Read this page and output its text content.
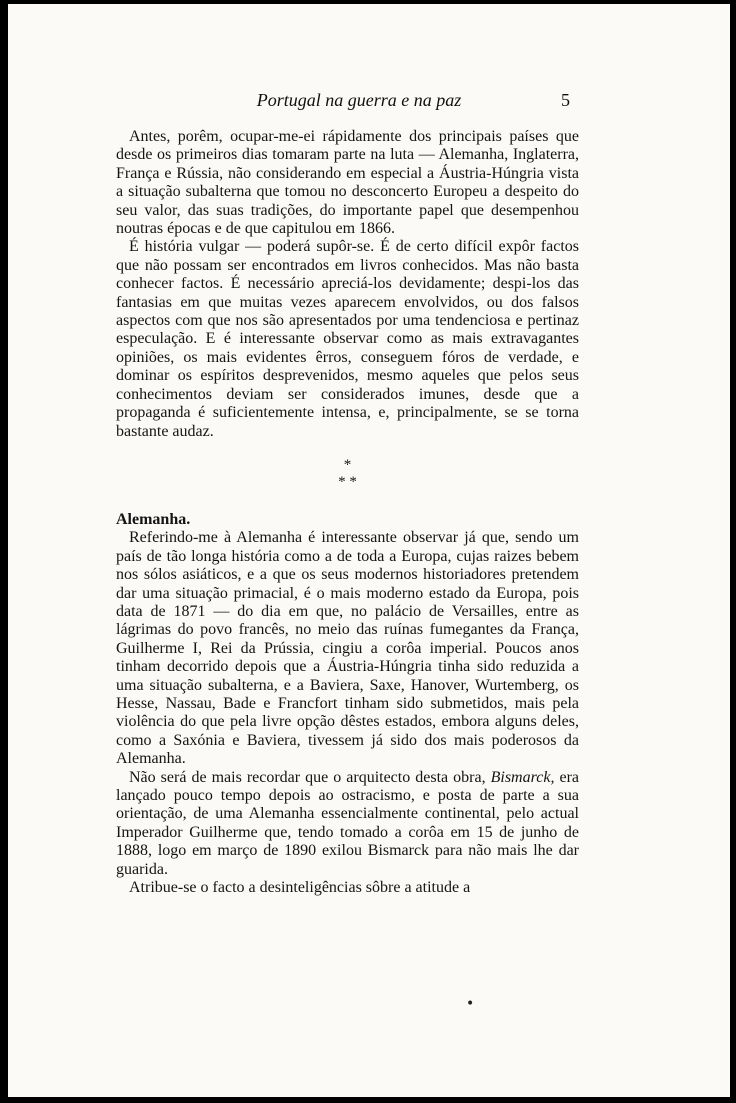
Portugal na guerra e na paz	5

Antes, porêm, ocupar-me-ei rápidamente dos principais países que desde os primeiros dias tomaram parte na luta — Alemanha, Inglaterra, França e Rússia, não considerando em especial a Áustria-Húngria vista a situação subalterna que tomou no desconcerto Europeu a despeito do seu valor, das suas tradições, do importante papel que desempenhou noutras épocas e de que capitulou em 1866.

É história vulgar — poderá supôr-se. É de certo difícil expôr factos que não possam ser encontrados em livros conhecidos. Mas não basta conhecer factos. É necessário apreciá-los devidamente; despi-los das fantasias em que muitas vezes aparecem envolvidos, ou dos falsos aspectos com que nos são apresentados por uma tendenciosa e pertinaz especulação. E é interessante observar como as mais extravagantes opiniões, os mais evidentes êrros, conseguem fóros de verdade, e dominar os espíritos desprevenidos, mesmo aqueles que pelos seus conhecimentos deviam ser considerados imunes, desde que a propaganda é suficientemente intensa, e, principalmente, se se torna bastante audaz.

*
* *

Alemanha.

Referindo-me à Alemanha é interessante observar já que, sendo um país de tão longa história como a de toda a Europa, cujas raizes bebem nos sólos asiáticos, e a que os seus modernos historiadores pretendem dar uma situação primacial, é o mais moderno estado da Europa, pois data de 1871 — do dia em que, no palácio de Versailles, entre as lágrimas do povo francês, no meio das ruínas fumegantes da França, Guilherme I, Rei da Prússia, cingiu a corôa imperial. Poucos anos tinham decorrido depois que a Áustria-Húngria tinha sido reduzida a uma situação subalterna, e a Baviera, Saxe, Hanover, Wurtemberg, os Hesse, Nassau, Bade e Francfort tinham sido submetidos, mais pela violência do que pela livre opção dêstes estados, embora alguns deles, como a Saxónia e Baviera, tivessem já sido dos mais poderosos da Alemanha.

Não será de mais recordar que o arquitecto desta obra, Bismarck, era lançado pouco tempo depois ao ostracismo, e posta de parte a sua orientação, de uma Alemanha essencialmente continental, pelo actual Imperador Guilherme que, tendo tomado a corôa em 15 de junho de 1888, logo em março de 1890 exilou Bismarck para não mais lhe dar guarida.

Atribue-se o facto a desinteligências sôbre a atitude a

•
